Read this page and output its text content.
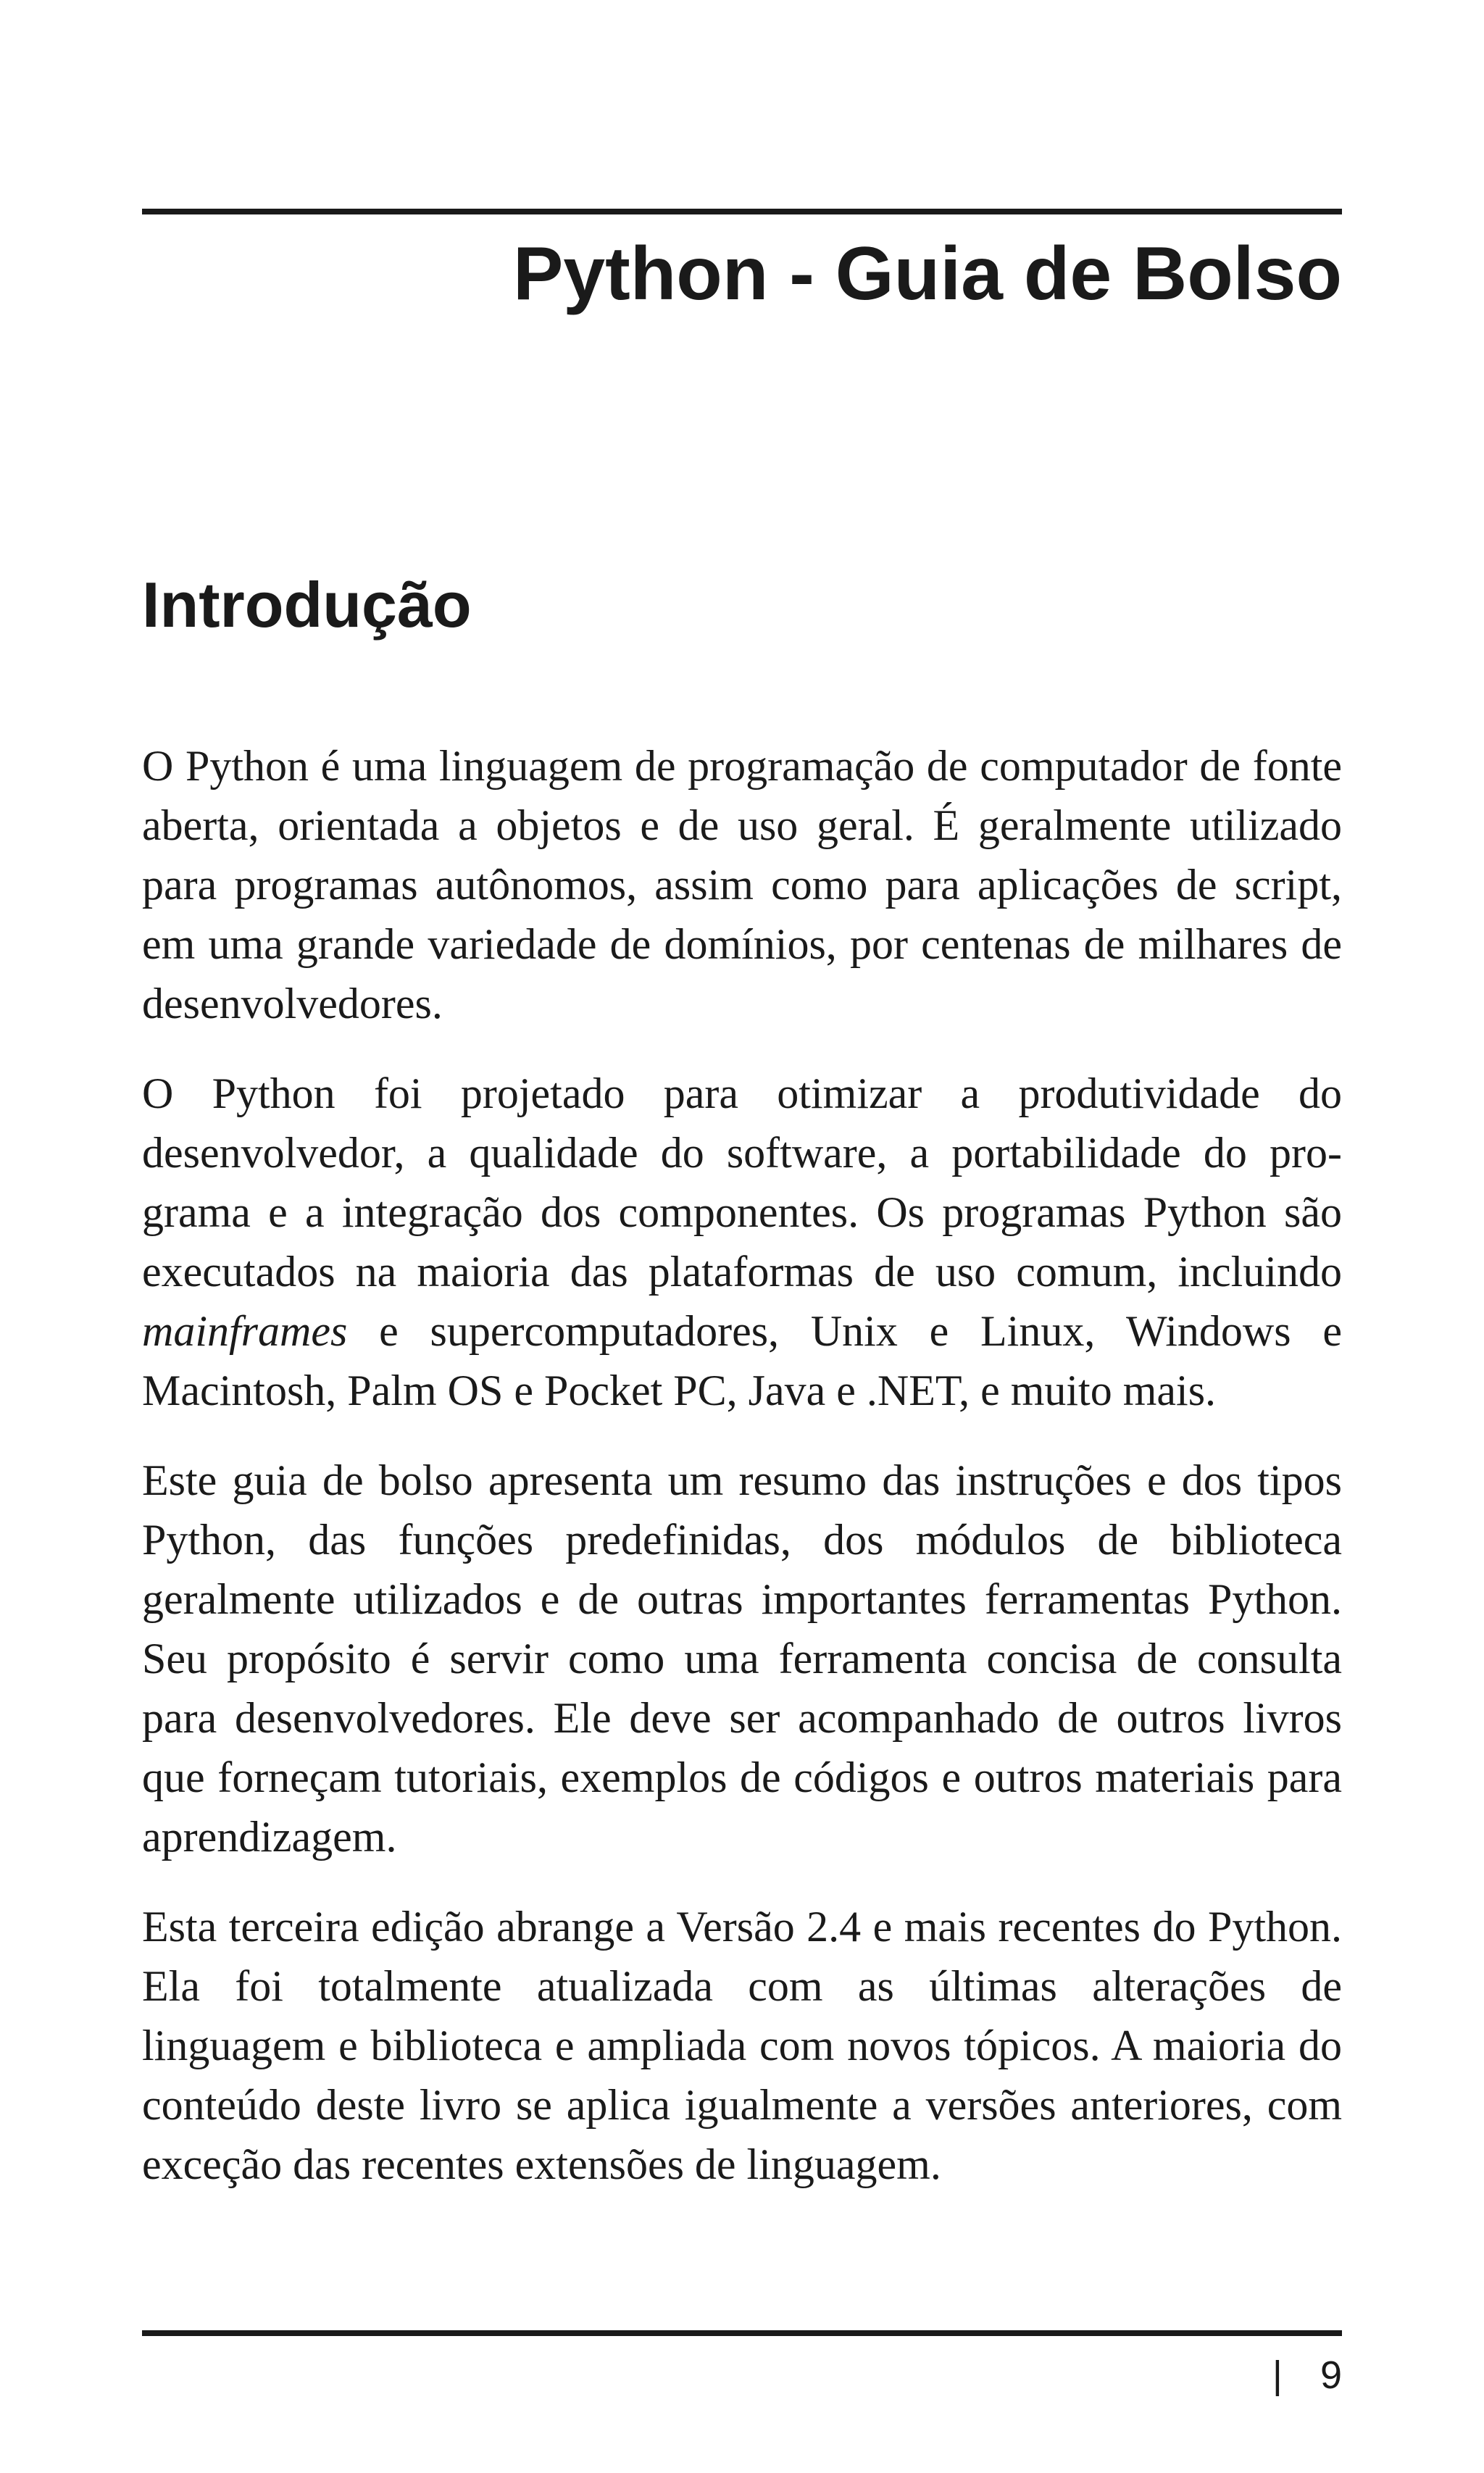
Python - Guia de Bolso
Introdução

O Python é uma linguagem de programação de computador de fonte aberta, orientada a objetos e de uso geral. É geralmente utilizado para programas autônomos, assim como para aplicações de script, em uma grande variedade de domínios, por centenas de milhares de desenvolvedores.

O Python foi projetado para otimizar a produtividade do desenvolvedor, a qualidade do software, a portabilidade do programa e a integração dos componentes. Os programas Python são executados na maioria das plataformas de uso comum, incluindo mainframes e supercomputadores, Unix e Linux, Windows e Macintosh, Palm OS e Pocket PC, Java e .NET, e muito mais.

Este guia de bolso apresenta um resumo das instruções e dos tipos Python, das funções predefinidas, dos módulos de biblioteca geralmente utilizados e de outras importantes ferramentas Python. Seu propósito é servir como uma ferramenta concisa de consulta para desenvolvedores. Ele deve ser acompanhado de outros livros que forneçam tutoriais, exemplos de códigos e outros materiais para aprendizagem.

Esta terceira edição abrange a Versão 2.4 e mais recentes do Python. Ela foi totalmente atualizada com as últimas alterações de linguagem e biblioteca e ampliada com novos tópicos. A maioria do conteúdo deste livro se aplica igualmente a versões anteriores, com exceção das recentes extensões de linguagem.

| 9
